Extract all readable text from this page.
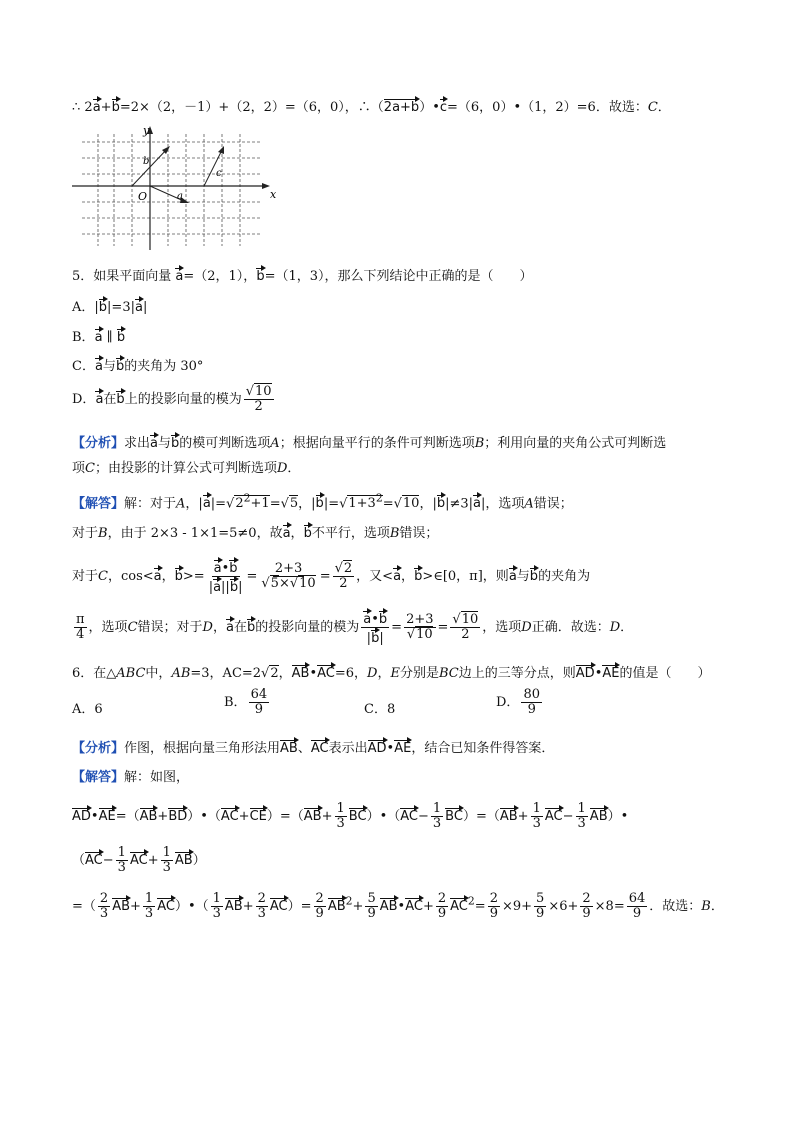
∴ 2a+b=2×（2，－1）+（2，2）=（6，0），∴（2a+b）•c=（6，0）•（1，2）=6．故选：C．
x
y
O
b
a
c
5．如果平面向量 a=（2，1），b=（1，3），那么下列结论中正确的是（　　）
A．|b|=3|a|
B．a ∥ b
C．a与b的夹角为 30°
D．a在b上的投影向量的模为 $\frac{√10}{2}$
【分析】求出a与b的模可判断选项A；根据向量平行的条件可判断选项B；利用向量的夹角公式可判断选
项C；由投影的计算公式可判断选项D．
【解答】解：对于A，$|a|=√2^2+1=√5$，$|b|=√1+3^2=√10$，|b|≠3|a|，选项A错误；
对于B，由于 2×3 - 1×1=5≠0，故a，b不平行，选项B错误；
对于C，cos<a，$b>= \frac{a•b}{|a||b|} = \frac{2+3}{√5\times√10} = \frac{√2}{2}$ ，又<a，b>∈[0，π]，则a与b的夹角为
$\frac{\pi}{4}$ ，选项C错误；对于D，a在b的投影向量的模为 $\frac{a•b}{|b|} = \frac{2+3}{√10} = \frac{√10}{2}$ ，选项D正确．故选：D．
6．在△ABC中，AB=3，AC=2√2，AB•AC=6，D，E分别是BC边上的三等分点，则AD•AE的值是（　　）
A．6	B． $\frac{64}{9}$	C．8	D． $\frac{80}{9}$
【分析】作图，根据向量三角形法用AB、AC表示出AD•AE，结合已知条件得答案．
【解答】解：如图，
AD•AE=（AB+BD）•（AC+CE）=（AB+ $\frac{1}{3}$ BC）•（AC− $\frac{1}{3} BC)=(AB+ \frac{1}{3} AC- \frac{1}{3}$ AB）•
$(AC- \frac{1}{3} AC+ \frac{1}{3} AB)$
=（ $\frac{2}{3} AB+ \frac{1}{3}$ AC）•（ $\frac{1}{3} AB+ \frac{2}{3} AC)= \frac{2}{9} AB^2+ \frac{5}{9}$ AB•AC+ $\frac{2}{9} AC^2= \frac{2}{9} \times 9+ \frac{5}{9} \times 6+ \frac{2}{9} \times 8= \frac{64}{9}$ ．故选：B．
